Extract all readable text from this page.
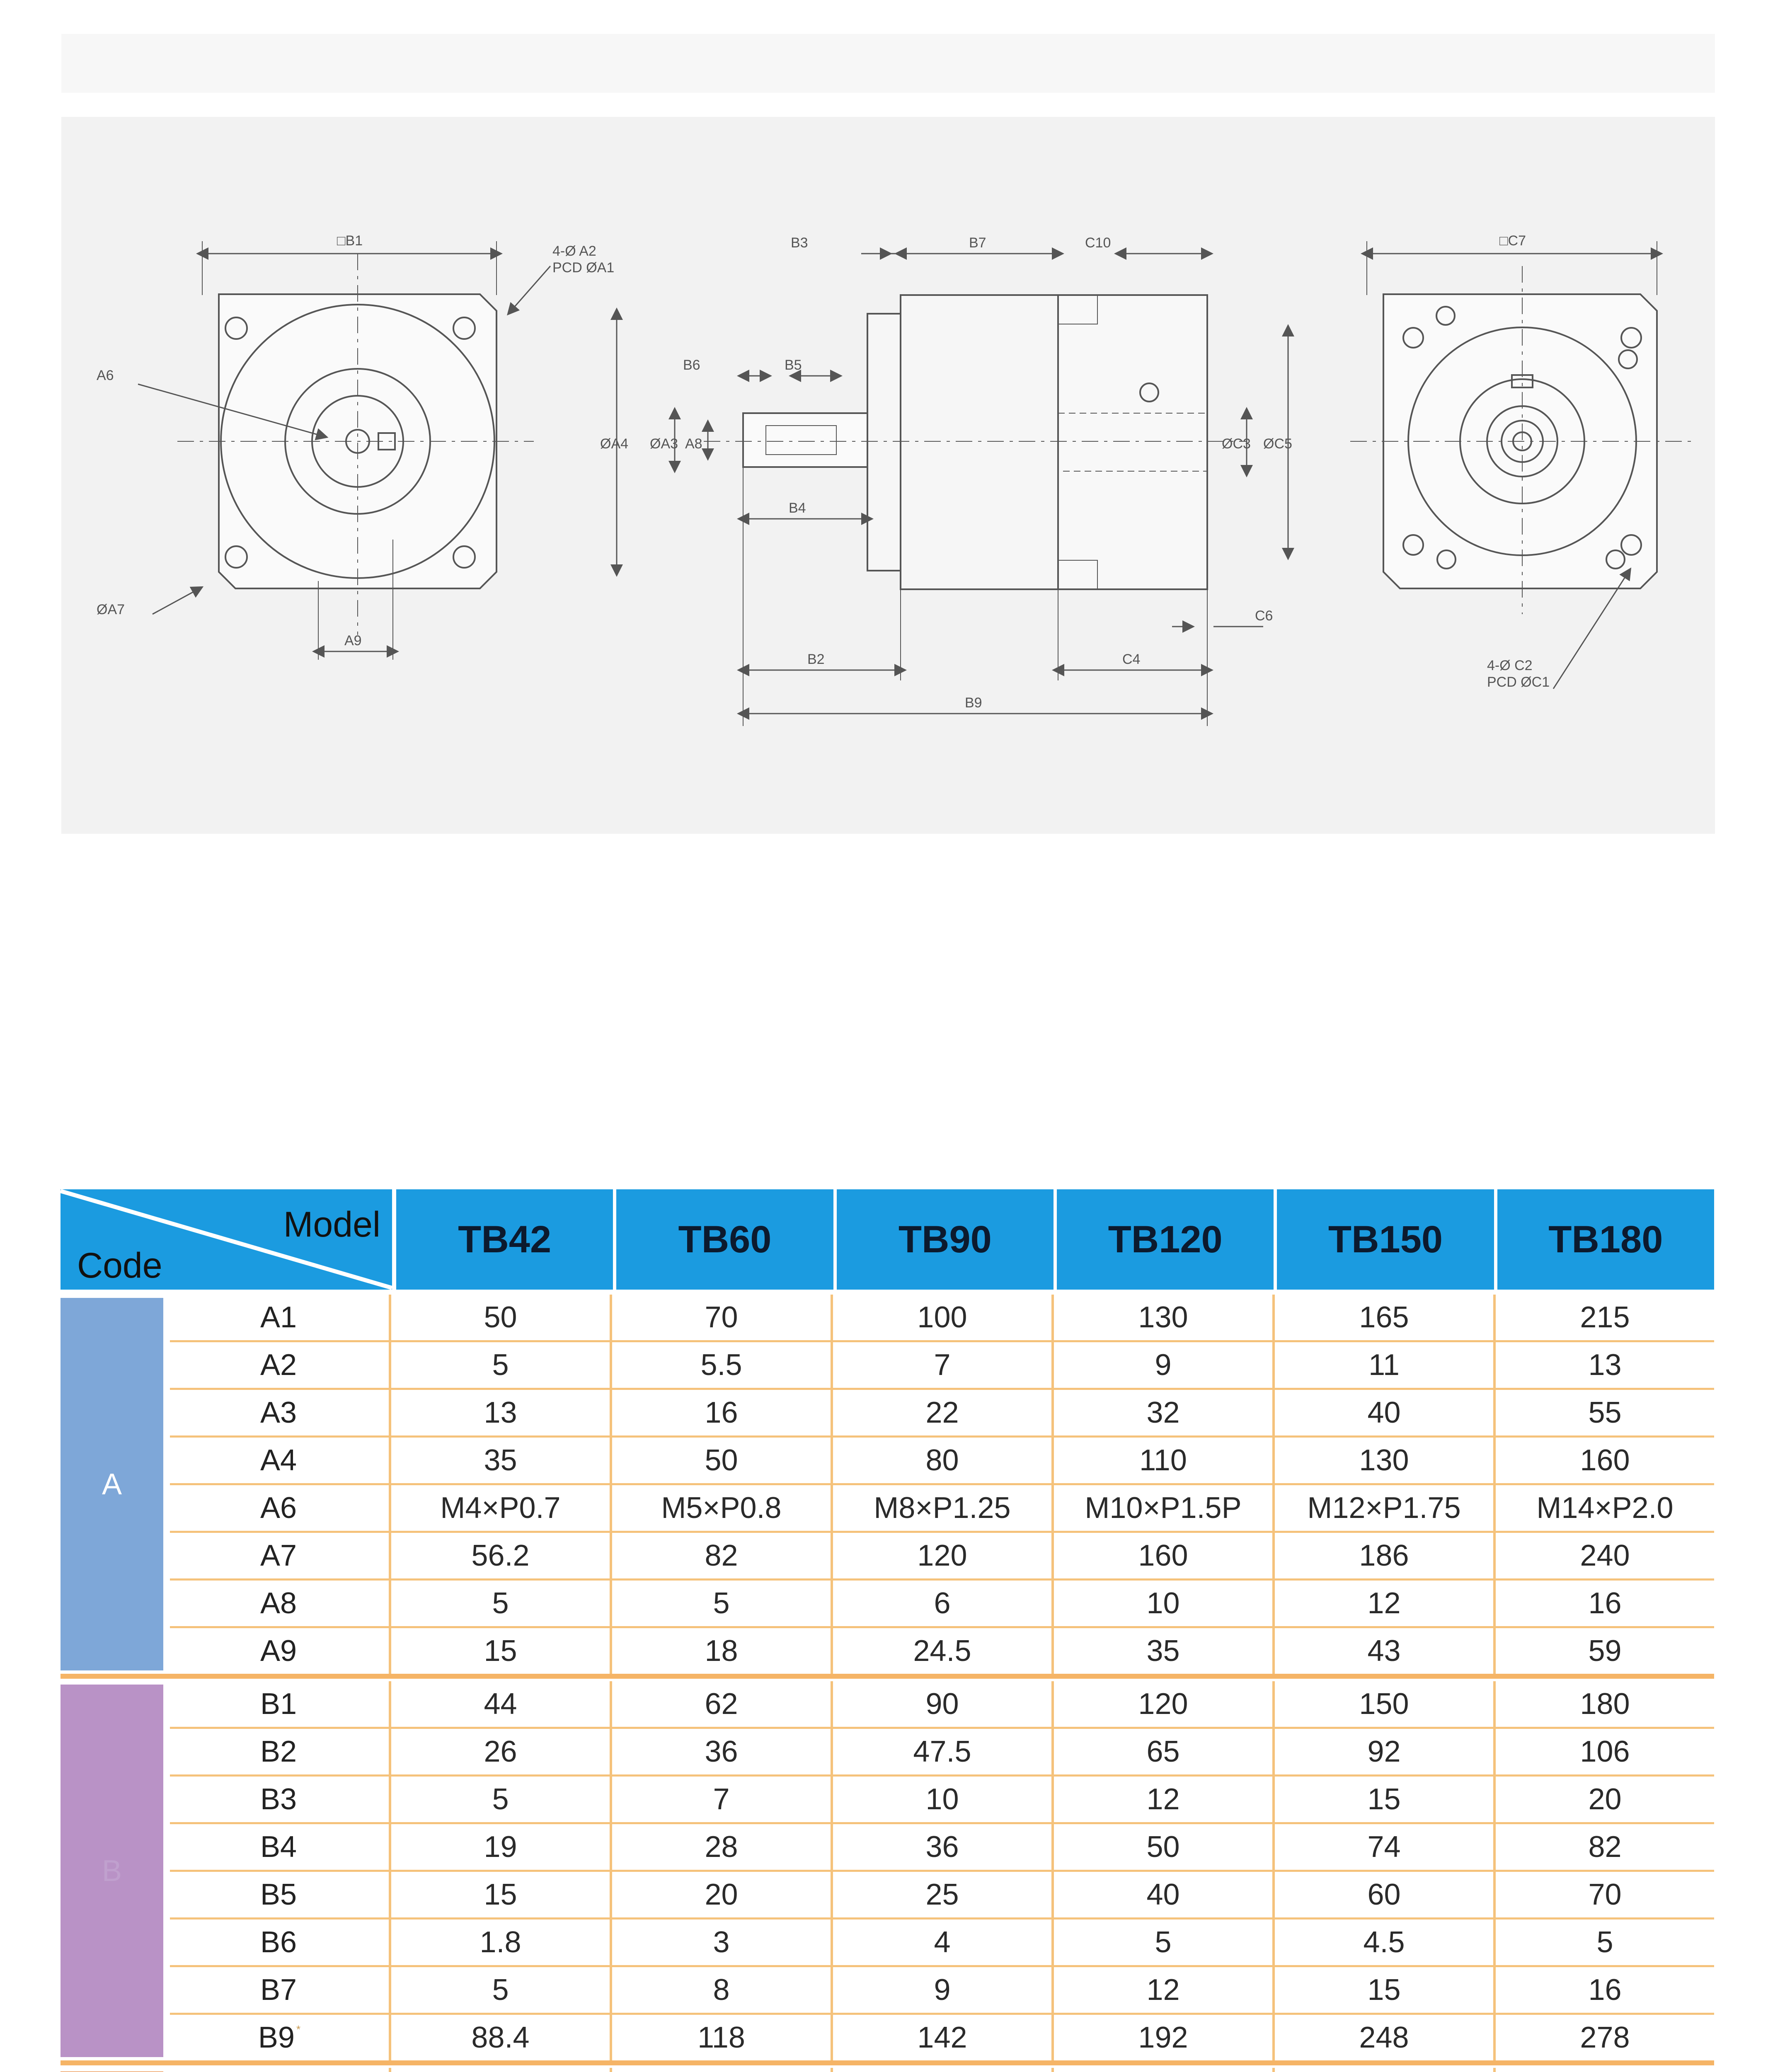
□B1
4-Ø A2
PCD ØA1
A6
ØA7
A9
B3	B7	C10
B6	B5
ØA4 ØA3 A8
B4
ØC3 ØC5
C6
B2	C4
B9
□C7
4-Ø C2
PCD ØC1
Model
Code
TB42	TB60	TB90	TB120	TB150	TB180
A
A1	50	70	100	130	165	215
A2	5	5.5	7	9	11	13
A3	13	16	22	32	40	55
A4	35	50	80	110	130	160
A6	M4×P0.7	M5×P0.8	M8×P1.25	M10×P1.5P	M12×P1.75	M14×P2.0
A7	56.2	82	120	160	186	240
A8	5	5	6	10	12	16
A9	15	18	24.5	35	43	59
B
B1	44	62	90	120	150	180
B2	26	36	47.5	65	92	106
B3	5	7	10	12	15	20
B4	19	28	36	50	74	82
B5	15	20	25	40	60	70
B6	1.8	3	4	5	4.5	5
B7	5	8	9	12	15	16
B9*	88.4	118	142	192	248	278
